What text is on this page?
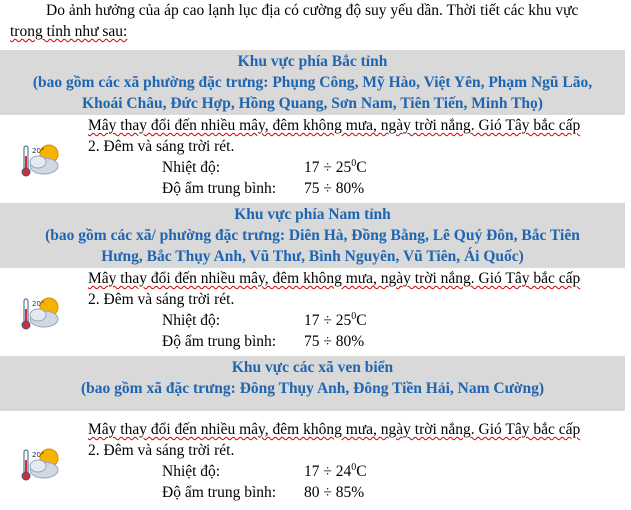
Do ảnh hưởng của áp cao lạnh lục địa có cường độ suy yếu dần. Thời tiết các khu vực
trong tỉnh như sau:
Khu vực phía Bắc tỉnh
(bao gồm các xã phường đặc trưng: Phụng Công, Mỹ Hào, Việt Yên, Phạm Ngũ Lão,
Khoái Châu, Đức Hợp, Hồng Quang, Sơn Nam, Tiên Tiến, Minh Thọ)
20°
Mây thay đổi đến nhiều mây, đêm không mưa, ngày trời nắng. Gió Tây bắc cấp
2. Đêm và sáng trời rét.
Nhiệt độ:	$17 \div 25^0C$
Độ ẩm trung bình: 75 ÷ 80%
Khu vực phía Nam tỉnh
(bao gồm các xã/ phường đặc trưng: Diên Hà, Đồng Bằng, Lê Quý Đôn, Bắc Tiên
Hưng, Bắc Thụy Anh, Vũ Thư, Bình Nguyên, Vũ Tiên, Ái Quốc)
20°
Mây thay đổi đến nhiều mây, đêm không mưa, ngày trời nắng. Gió Tây bắc cấp
2. Đêm và sáng trời rét.
Nhiệt độ:	$17 \div 25^0C$
Độ ẩm trung bình: 75 ÷ 80%
Khu vực các xã ven biển
(bao gồm xã đặc trưng: Đông Thụy Anh, Đông Tiền Hải, Nam Cường)
20°
Mây thay đổi đến nhiều mây, đêm không mưa, ngày trời nắng. Gió Tây bắc cấp
2. Đêm và sáng trời rét.
Nhiệt độ:	$17 \div 24^0C$
Độ ẩm trung bình: 80 ÷ 85%
